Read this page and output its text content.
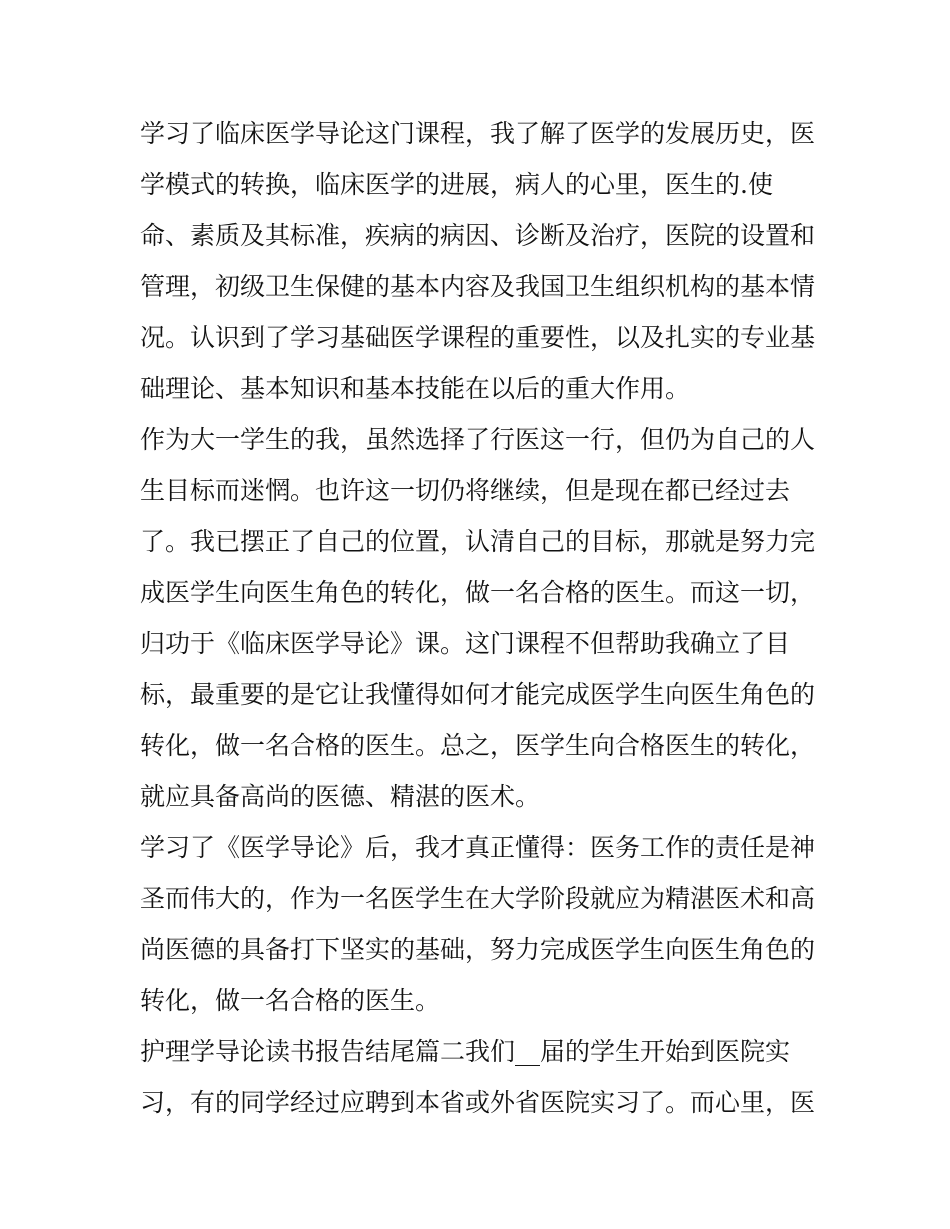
学习了临床医学导论这门课程，我了解了医学的发展历史，医
学模式的转换，临床医学的进展，病人的心里，医生的.使
命、素质及其标准，疾病的病因、诊断及治疗，医院的设置和
管理，初级卫生保健的基本内容及我国卫生组织机构的基本情
况。认识到了学习基础医学课程的重要性，以及扎实的专业基
础理论、基本知识和基本技能在以后的重大作用。
作为大一学生的我，虽然选择了行医这一行，但仍为自己的人
生目标而迷惘。也许这一切仍将继续，但是现在都已经过去
了。我已摆正了自己的位置，认清自己的目标，那就是努力完
成医学生向医生角色的转化，做一名合格的医生。而这一切，
归功于《临床医学导论》课。这门课程不但帮助我确立了目
标，最重要的是它让我懂得如何才能完成医学生向医生角色的
转化，做一名合格的医生。总之，医学生向合格医生的转化，
就应具备高尚的医德、精湛的医术。
学习了《医学导论》后，我才真正懂得：医务工作的责任是神
圣而伟大的，作为一名医学生在大学阶段就应为精湛医术和高
尚医德的具备打下坚实的基础，努力完成医学生向医生角色的
转化，做一名合格的医生。
护理学导论读书报告结尾篇二我们__届的学生开始到医院实
习，有的同学经过应聘到本省或外省医院实习了。而心里，医
